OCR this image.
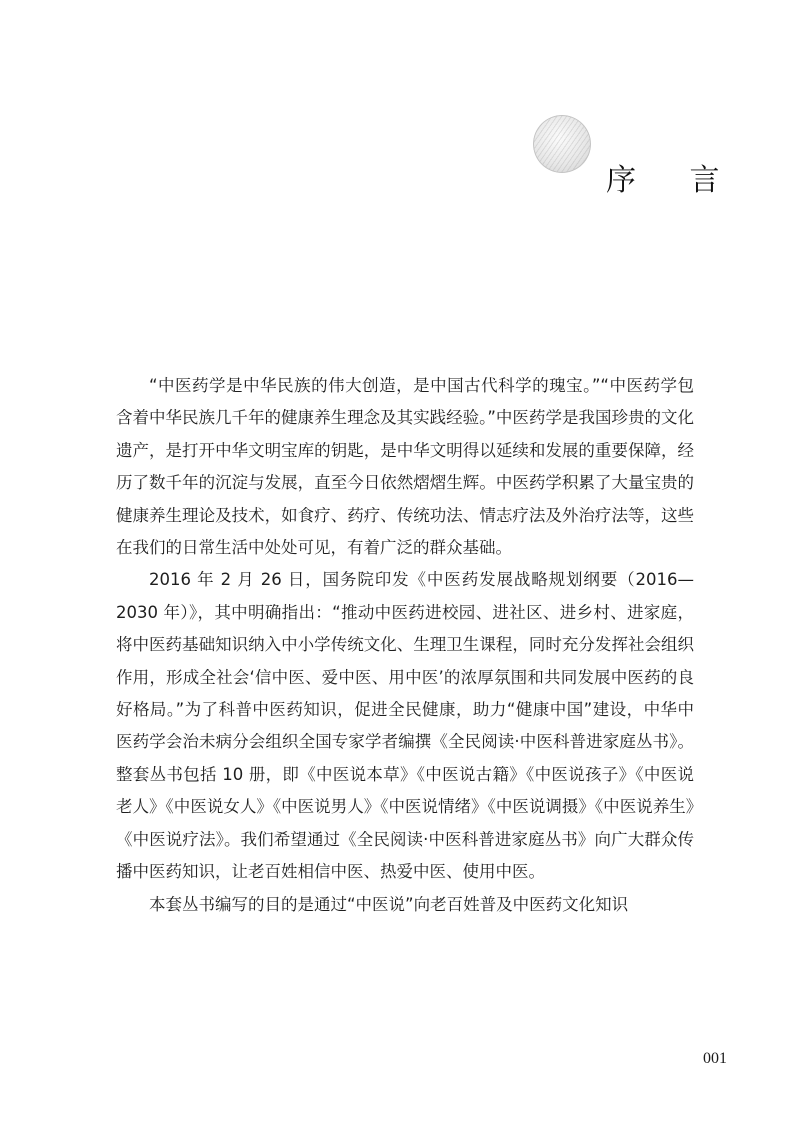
序 言

“中医药学是中华民族的伟大创造，是中国古代科学的瑰宝。”“中医药学包含着中华民族几千年的健康养生理念及其实践经验。”中医药学是我国珍贵的文化遗产，是打开中华文明宝库的钥匙，是中华文明得以延续和发展的重要保障，经历了数千年的沉淀与发展，直至今日依然熠熠生辉。中医药学积累了大量宝贵的健康养生理论及技术，如食疗、药疗、传统功法、情志疗法及外治疗法等，这些在我们的日常生活中处处可见，有着广泛的群众基础。

2016 年 2 月 26 日，国务院印发《中医药发展战略规划纲要（2016—2030 年）》，其中明确指出：“推动中医药进校园、进社区、进乡村、进家庭，将中医药基础知识纳入中小学传统文化、生理卫生课程，同时充分发挥社会组织作用，形成全社会‘信中医、爱中医、用中医’的浓厚氛围和共同发展中医药的良好格局。”为了科普中医药知识，促进全民健康，助力“健康中国”建设，中华中医药学会治未病分会组织全国专家学者编撰《全民阅读·中医科普进家庭丛书》。整套丛书包括 10 册，即《中医说本草》《中医说古籍》《中医说孩子》《中医说老人》《中医说女人》《中医说男人》《中医说情绪》《中医说调摄》《中医说养生》《中医说疗法》。我们希望通过《全民阅读·中医科普进家庭丛书》向广大群众传播中医药知识，让老百姓相信中医、热爱中医、使用中医。

本套丛书编写的目的是通过“中医说”向老百姓普及中医药文化知识

001
